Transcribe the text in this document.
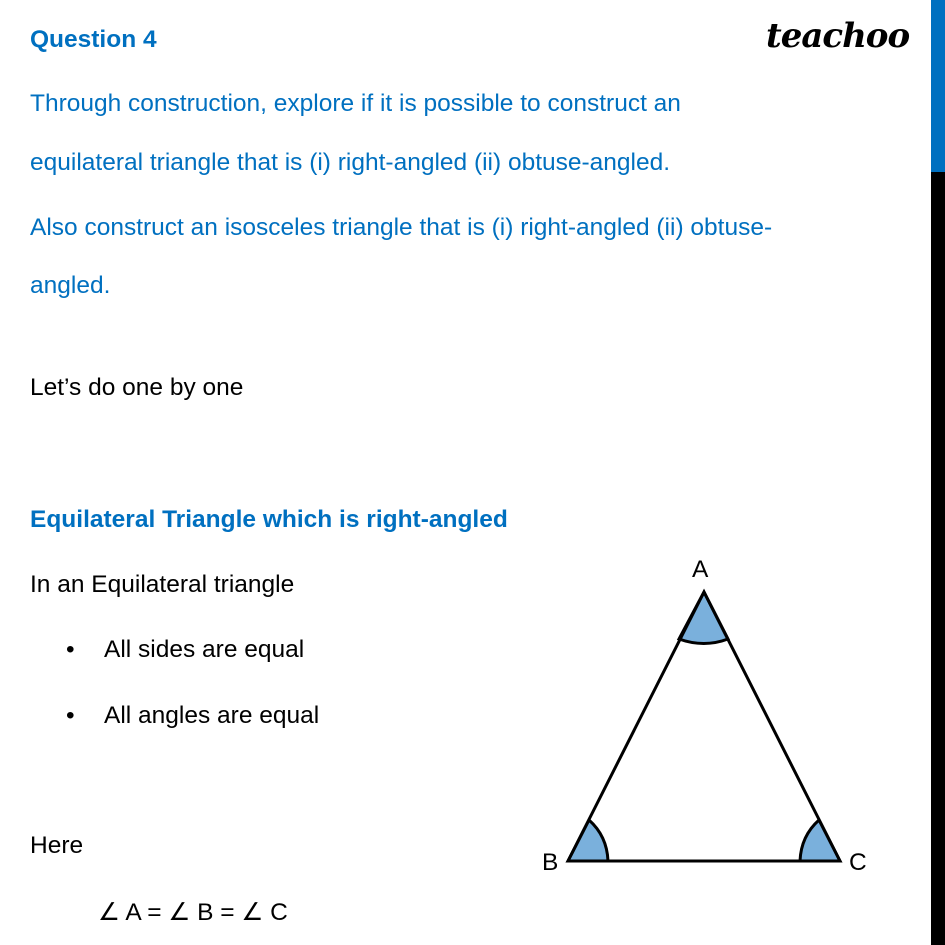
teachoo
Question 4
Through construction, explore if it is possible to construct an
equilateral triangle that is (i) right-angled (ii) obtuse-angled.
Also construct an isosceles triangle that is (i) right-angled (ii) obtuse-
angled.
Let’s do one by one
Equilateral Triangle which is right-angled
In an Equilateral triangle
• All sides are equal
• All angles are equal
Here
∠ A = ∠ B = ∠ C
A
B	C
